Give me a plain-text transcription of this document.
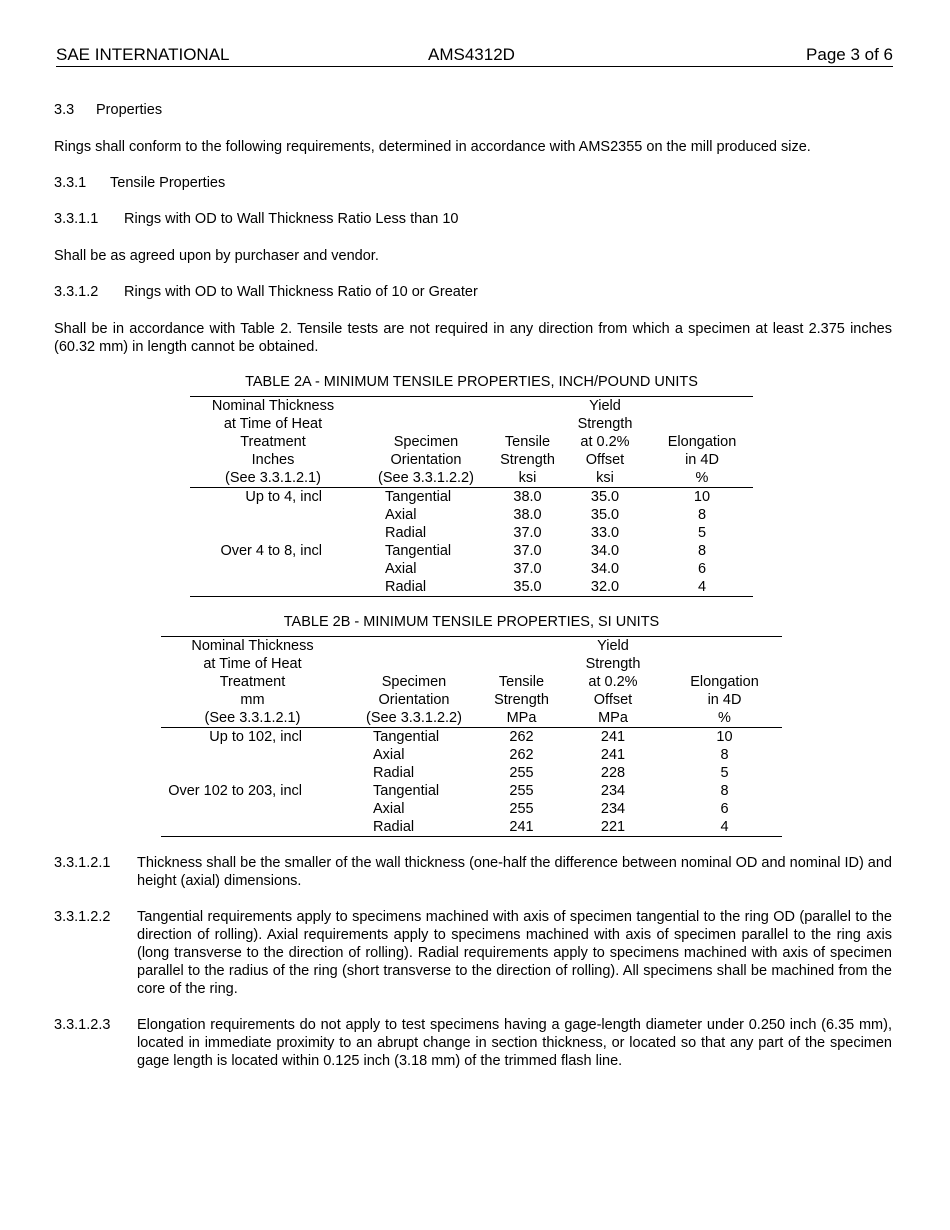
SAE INTERNATIONAL	AMS4312D	Page 3 of 6
3.3 Properties
Rings shall conform to the following requirements, determined in accordance with AMS2355 on the mill produced size.
3.3.1 Tensile Properties
3.3.1.1 Rings with OD to Wall Thickness Ratio Less than 10
Shall be as agreed upon by purchaser and vendor.
3.3.1.2 Rings with OD to Wall Thickness Ratio of 10 or Greater
Shall be in accordance with Table 2. Tensile tests are not required in any direction from which a specimen at least 2.375 inches (60.32 mm) in length cannot be obtained.
TABLE 2A - MINIMUM TENSILE PROPERTIES, INCH/POUND UNITS
Nominal Thickness			Yield	
at Time of Heat			Strength	
Treatment	Specimen	Tensile	at 0.2%	Elongation
Inches	Orientation	Strength	Offset	in 4D
(See 3.3.1.2.1)	(See 3.3.1.2.2)	ksi	ksi	%
Up to 4, incl	Tangential	38.0	35.0	10
	Axial	38.0	35.0	8
	Radial	37.0	33.0	5
Over 4 to 8, incl	Tangential	37.0	34.0	8
	Axial	37.0	34.0	6
	Radial	35.0	32.0	4
TABLE 2B - MINIMUM TENSILE PROPERTIES, SI UNITS
Nominal Thickness			Yield	
at Time of Heat			Strength	
Treatment	Specimen	Tensile	at 0.2%	Elongation
mm	Orientation	Strength	Offset	in 4D
(See 3.3.1.2.1)	(See 3.3.1.2.2)	MPa	MPa	%
Up to 102, incl	Tangential	262	241	10
	Axial	262	241	8
	Radial	255	228	5
Over 102 to 203, incl	Tangential	255	234	8
	Axial	255	234	6
	Radial	241	221	4
3.3.1.2.1 Thickness shall be the smaller of the wall thickness (one-half the difference between nominal OD and nominal ID) and height (axial) dimensions.
3.3.1.2.2 Tangential requirements apply to specimens machined with axis of specimen tangential to the ring OD (parallel to the direction of rolling). Axial requirements apply to specimens machined with axis of specimen parallel to the ring axis (long transverse to the direction of rolling). Radial requirements apply to specimens machined with axis of specimen parallel to the radius of the ring (short transverse to the direction of rolling). All specimens shall be machined from the core of the ring.
3.3.1.2.3 Elongation requirements do not apply to test specimens having a gage-length diameter under 0.250 inch (6.35 mm), located in immediate proximity to an abrupt change in section thickness, or located so that any part of the specimen gage length is located within 0.125 inch (3.18 mm) of the trimmed flash line.
